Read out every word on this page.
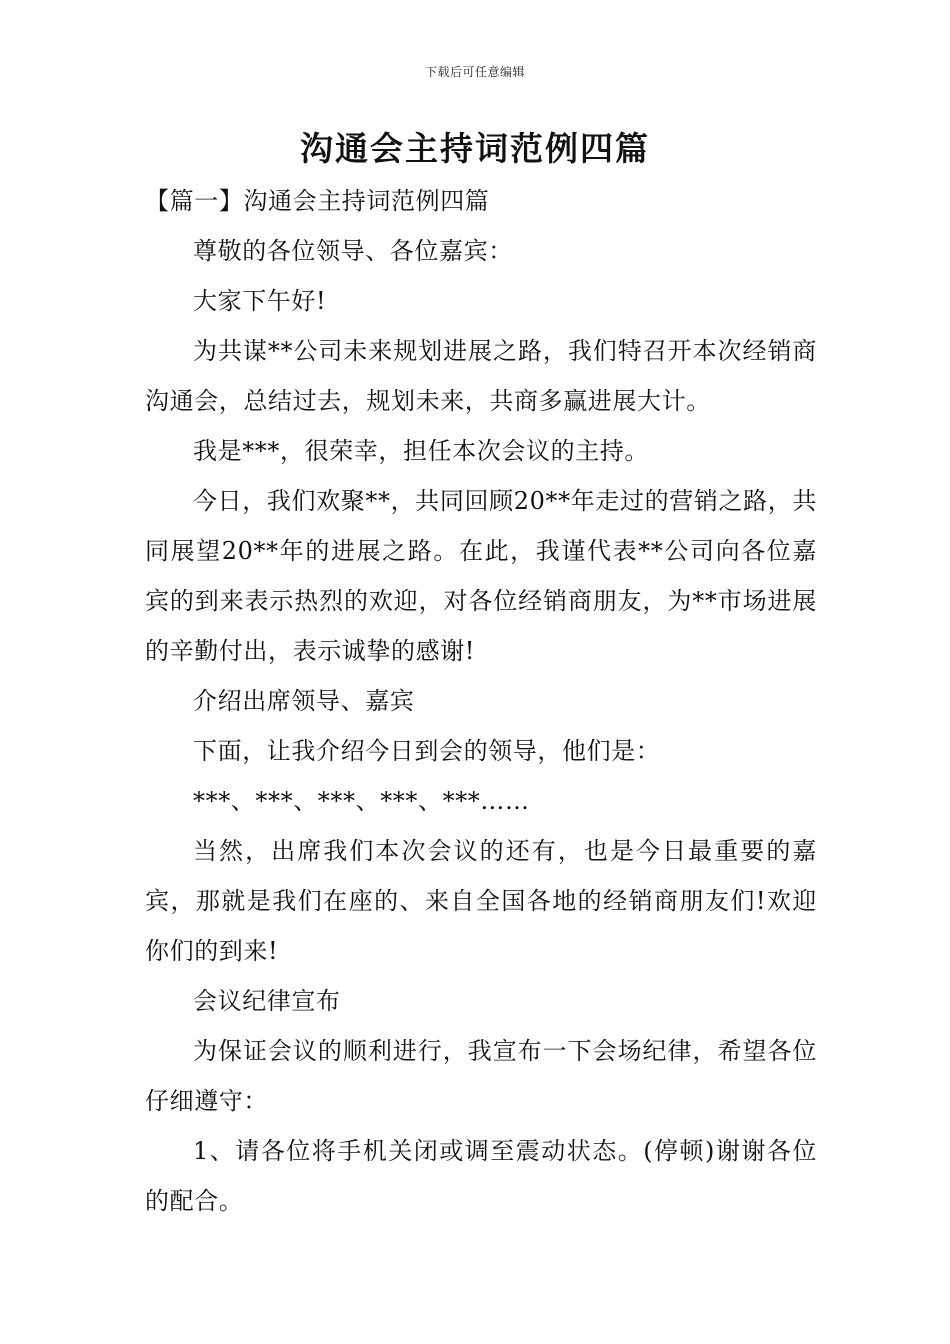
下载后可任意编辑
沟通会主持词范例四篇

【篇一】沟通会主持词范例四篇

尊敬的各位领导、各位嘉宾：

大家下午好!

为共谋**公司未来规划进展之路，我们特召开本次经销商沟通会，总结过去，规划未来，共商多赢进展大计。

我是***，很荣幸，担任本次会议的主持。

今日，我们欢聚**，共同回顾20**年走过的营销之路，共同展望20**年的进展之路。在此，我谨代表**公司向各位嘉宾的到来表示热烈的欢迎，对各位经销商朋友，为**市场进展的辛勤付出，表示诚挚的感谢!

介绍出席领导、嘉宾

下面，让我介绍今日到会的领导，他们是：

***、***、***、***、***……

当然，出席我们本次会议的还有，也是今日最重要的嘉宾，那就是我们在座的、来自全国各地的经销商朋友们!欢迎你们的到来!

会议纪律宣布

为保证会议的顺利进行，我宣布一下会场纪律，希望各位仔细遵守：

1、请各位将手机关闭或调至震动状态。(停顿)谢谢各位的配合。
